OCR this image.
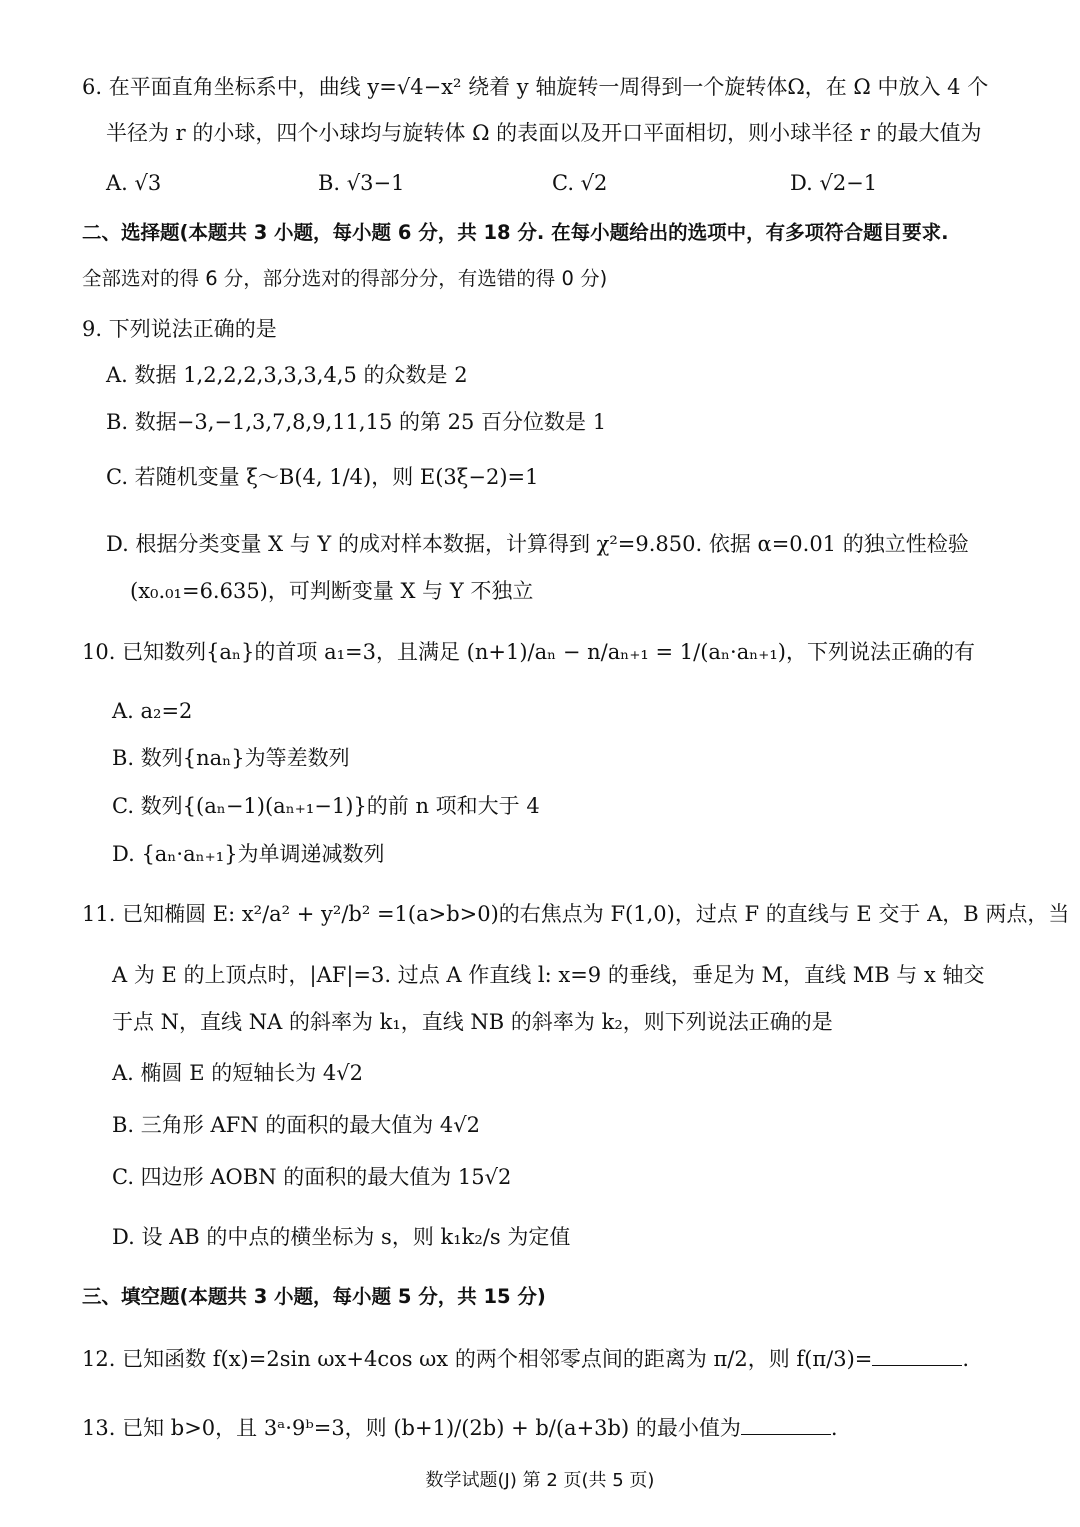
6. 在平面直角坐标系中，曲线 y=√4−x² 绕着 y 轴旋转一周得到一个旋转体Ω，在 Ω 中放入 4 个
半径为 r 的小球，四个小球均与旋转体 Ω 的表面以及开口平面相切，则小球半径 r 的最大值为
A. √3	B. √3−1	C. √2	D. √2−1
二、选择题(本题共 3 小题，每小题 6 分，共 18 分. 在每小题给出的选项中，有多项符合题目要求.
全部选对的得 6 分，部分选对的得部分分，有选错的得 0 分)
9. 下列说法正确的是
A. 数据 1,2,2,2,3,3,3,4,5 的众数是 2
B. 数据−3,−1,3,7,8,9,11,15 的第 25 百分位数是 1
C. 若随机变量 ξ～B(4, 1/4)，则 E(3ξ−2)=1
D. 根据分类变量 X 与 Y 的成对样本数据，计算得到 χ²=9.850. 依据 α=0.01 的独立性检验
(x₀.₀₁=6.635)，可判断变量 X 与 Y 不独立
10. 已知数列{aₙ}的首项 a₁=3，且满足 (n+1)/aₙ − n/aₙ₊₁ = 1/(aₙ·aₙ₊₁)，下列说法正确的有
A. a₂=2
B. 数列{naₙ}为等差数列
C. 数列{(aₙ−1)(aₙ₊₁−1)}的前 n 项和大于 4
D. {aₙ·aₙ₊₁}为单调递减数列
11. 已知椭圆 E: x²/a² + y²/b² =1(a>b>0)的右焦点为 F(1,0)，过点 F 的直线与 E 交于 A，B 两点，当
A 为 E 的上顶点时，|AF|=3. 过点 A 作直线 l: x=9 的垂线，垂足为 M，直线 MB 与 x 轴交
于点 N，直线 NA 的斜率为 k₁，直线 NB 的斜率为 k₂，则下列说法正确的是
A. 椭圆 E 的短轴长为 4√2
B. 三角形 AFN 的面积的最大值为 4√2
C. 四边形 AOBN 的面积的最大值为 15√2
D. 设 AB 的中点的横坐标为 s，则 k₁k₂/s 为定值
三、填空题(本题共 3 小题，每小题 5 分，共 15 分)
12. 已知函数 f(x)=2sin ωx+4cos ωx 的两个相邻零点间的距离为 π/2，则 f(π/3)=	.
13. 已知 b>0，且 3ᵃ·9ᵇ=3，则 (b+1)/(2b) + b/(a+3b) 的最小值为	.
数学试题(J) 第 2 页(共 5 页)
